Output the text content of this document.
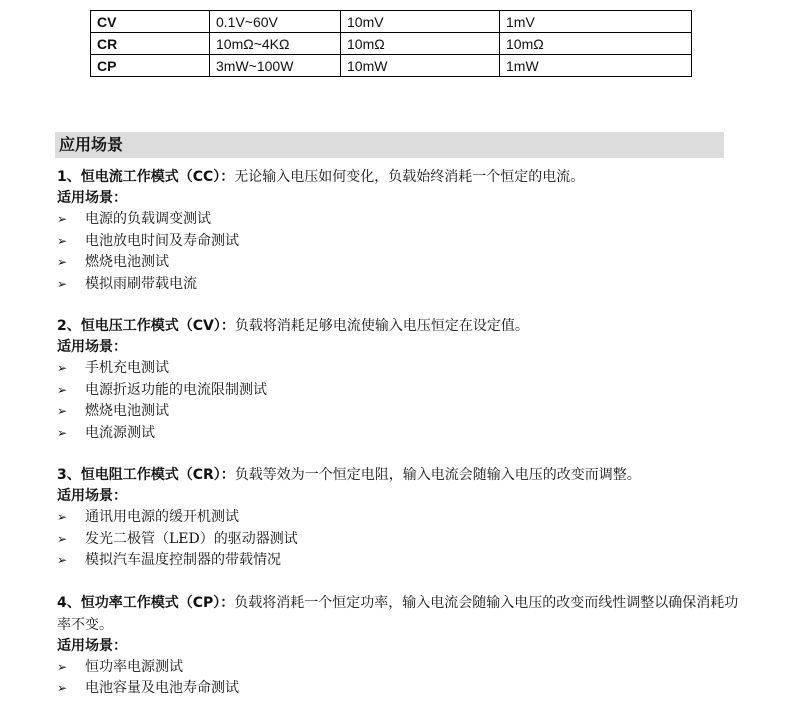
CV	0.1V~60V	10mV	1mV
CR	10mΩ~4KΩ	10mΩ	10mΩ
CP	3mW~100W	10mW	1mW
应用场景

1、恒电流工作模式（CC）：无论输入电压如何变化，负载始终消耗一个恒定的电流。

适用场景：
➢	电源的负载调变测试
➢	电池放电时间及寿命测试
➢	燃烧电池测试
➢	模拟雨刷带载电流

2、恒电压工作模式（CV）：负载将消耗足够电流使输入电压恒定在设定值。

适用场景：
➢	手机充电测试
➢	电源折返功能的电流限制测试
➢	燃烧电池测试
➢	电流源测试

3、恒电阻工作模式（CR）：负载等效为一个恒定电阻，输入电流会随输入电压的改变而调整。

适用场景：
➢	通讯用电源的缓开机测试
➢	发光二极管（LED）的驱动器测试
➢	模拟汽车温度控制器的带载情况

4、恒功率工作模式（CP）：负载将消耗一个恒定功率，输入电流会随输入电压的改变而线性调整以确保消耗功率不变。

适用场景：
➢	恒功率电源测试
➢	电池容量及电池寿命测试
